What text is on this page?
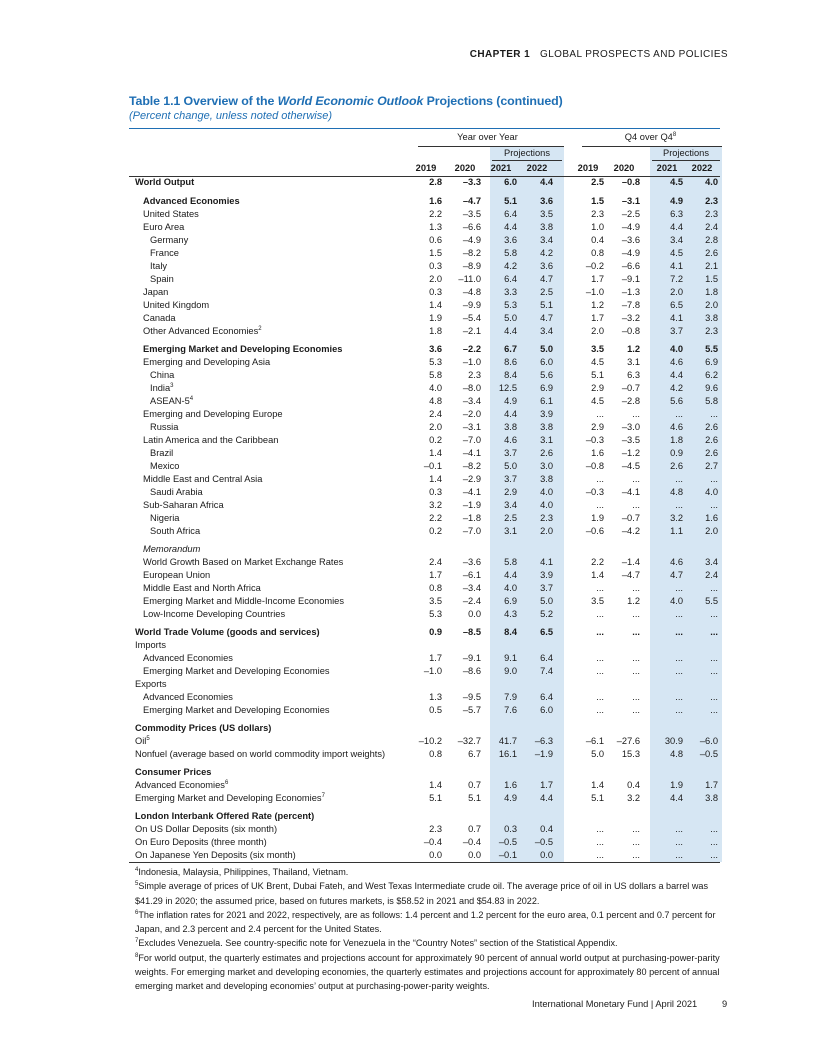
CHAPTER 1 GLOBAL PROSPECTS AND POLICIES
Table 1.1 Overview of the World Economic Outlook Projections (continued)
(Percent change, unless noted otherwise)
Year over Year	Q4 over $Q4^8$
Projections	Projections
2019	2020	2021	2022	2019	2020	2021	2022
World Output	2.8	–3.3	6.0	4.4	2.5	–0.8	4.5	4.0
Advanced Economies	1.6	–4.7	5.1	3.6	1.5	–3.1	4.9	2.3
United States	2.2	–3.5	6.4	3.5	2.3	–2.5	6.3	2.3
Euro Area	1.3	–6.6	4.4	3.8	1.0	–4.9	4.4	2.4
Germany	0.6	–4.9	3.6	3.4	0.4	–3.6	3.4	2.8
France	1.5	–8.2	5.8	4.2	0.8	–4.9	4.5	2.6
Italy	0.3	–8.9	4.2	3.6	–0.2	–6.6	4.1	2.1
Spain	2.0	–11.0	6.4	4.7	1.7	–9.1	7.2	1.5
Japan	0.3	–4.8	3.3	2.5	–1.0	–1.3	2.0	1.8
United Kingdom	1.4	–9.9	5.3	5.1	1.2	–7.8	6.5	2.0
Canada	1.9	–5.4	5.0	4.7	1.7	–3.2	4.1	3.8
Other Advanced Economies$^2$	1.8	–2.1	4.4	3.4	2.0	–0.8	3.7	2.3
Emerging Market and Developing Economies	3.6	–2.2	6.7	5.0	3.5	1.2	4.0	5.5
Emerging and Developing Asia	5.3	–1.0	8.6	6.0	4.5	3.1	4.6	6.9
China	5.8	2.3	8.4	5.6	5.1	6.3	4.4	6.2
India$^3$	4.0	–8.0	12.5	6.9	2.9	–0.7	4.2	9.6
ASEAN-$5^4$	4.8	–3.4	4.9	6.1	4.5	–2.8	5.6	5.8
Emerging and Developing Europe	2.4	–2.0	4.4	3.9	...	...	...	...
Russia	2.0	–3.1	3.8	3.8	2.9	–3.0	4.6	2.6
Latin America and the Caribbean	0.2	–7.0	4.6	3.1	–0.3	–3.5	1.8	2.6
Brazil	1.4	–4.1	3.7	2.6	1.6	–1.2	0.9	2.6
Mexico	–0.1	–8.2	5.0	3.0	–0.8	–4.5	2.6	2.7
Middle East and Central Asia	1.4	–2.9	3.7	3.8	...	...	...	...
Saudi Arabia	0.3	–4.1	2.9	4.0	–0.3	–4.1	4.8	4.0
Sub-Saharan Africa	3.2	–1.9	3.4	4.0	...	...	...	...
Nigeria	2.2	–1.8	2.5	2.3	1.9	–0.7	3.2	1.6
South Africa	0.2	–7.0	3.1	2.0	–0.6	–4.2	1.1	2.0
Memorandum
World Growth Based on Market Exchange Rates	2.4	–3.6	5.8	4.1	2.2	–1.4	4.6	3.4
European Union	1.7	–6.1	4.4	3.9	1.4	–4.7	4.7	2.4
Middle East and North Africa	0.8	–3.4	4.0	3.7	...	...	...	...
Emerging Market and Middle-Income Economies	3.5	–2.4	6.9	5.0	3.5	1.2	4.0	5.5
Low-Income Developing Countries	5.3	0.0	4.3	5.2	...	...	...	...
World Trade Volume (goods and services)	0.9	–8.5	8.4	6.5	...	...	...	...
Imports
Advanced Economies	1.7	–9.1	9.1	6.4	...	...	...	...
Emerging Market and Developing Economies	–1.0	–8.6	9.0	7.4	...	...	...	...
Exports
Advanced Economies	1.3	–9.5	7.9	6.4	...	...	...	...
Emerging Market and Developing Economies	0.5	–5.7	7.6	6.0	...	...	...	...
Commodity Prices (US dollars)
Oil$^5$	–10.2	–32.7	41.7	–6.3	–6.1	–27.6	30.9	–6.0
Nonfuel (average based on world commodity import weights)	0.8	6.7	16.1	–1.9	5.0	15.3	4.8	–0.5
Consumer Prices
Advanced Economies$^6$	1.4	0.7	1.6	1.7	1.4	0.4	1.9	1.7
Emerging Market and Developing Economies$^7$	5.1	5.1	4.9	4.4	5.1	3.2	4.4	3.8
London Interbank Offered Rate (percent)
On US Dollar Deposits (six month)	2.3	0.7	0.3	0.4	...	...	...	...
On Euro Deposits (three month)	–0.4	–0.4	–0.5	–0.5	...	...	...	...
On Japanese Yen Deposits (six month)	0.0	0.0	–0.1	0.0	...	...	...	...
$^4$Indonesia, Malaysia, Philippines, Thailand, Vietnam.
$^5$Simple average of prices of UK Brent, Dubai Fateh, and West Texas Intermediate crude oil. The average price of oil in US dollars a barrel was $41.29 in 2020; the assumed price, based on futures markets, is $58.52 in 2021 and $54.83 in 2022.
$^6$The inflation rates for 2021 and 2022, respectively, are as follows: 1.4 percent and 1.2 percent for the euro area, 0.1 percent and 0.7 percent for Japan, and 2.3 percent and 2.4 percent for the United States.
$^7$Excludes Venezuela. See country-specific note for Venezuela in the “Country Notes” section of the Statistical Appendix.
$^8$For world output, the quarterly estimates and projections account for approximately 90 percent of annual world output at purchasing-power-parity weights. For emerging market and developing economies, the quarterly estimates and projections account for approximately 80 percent of annual emerging market and developing economies’ output at purchasing-power-parity weights.
International Monetary Fund | April 2021	9
